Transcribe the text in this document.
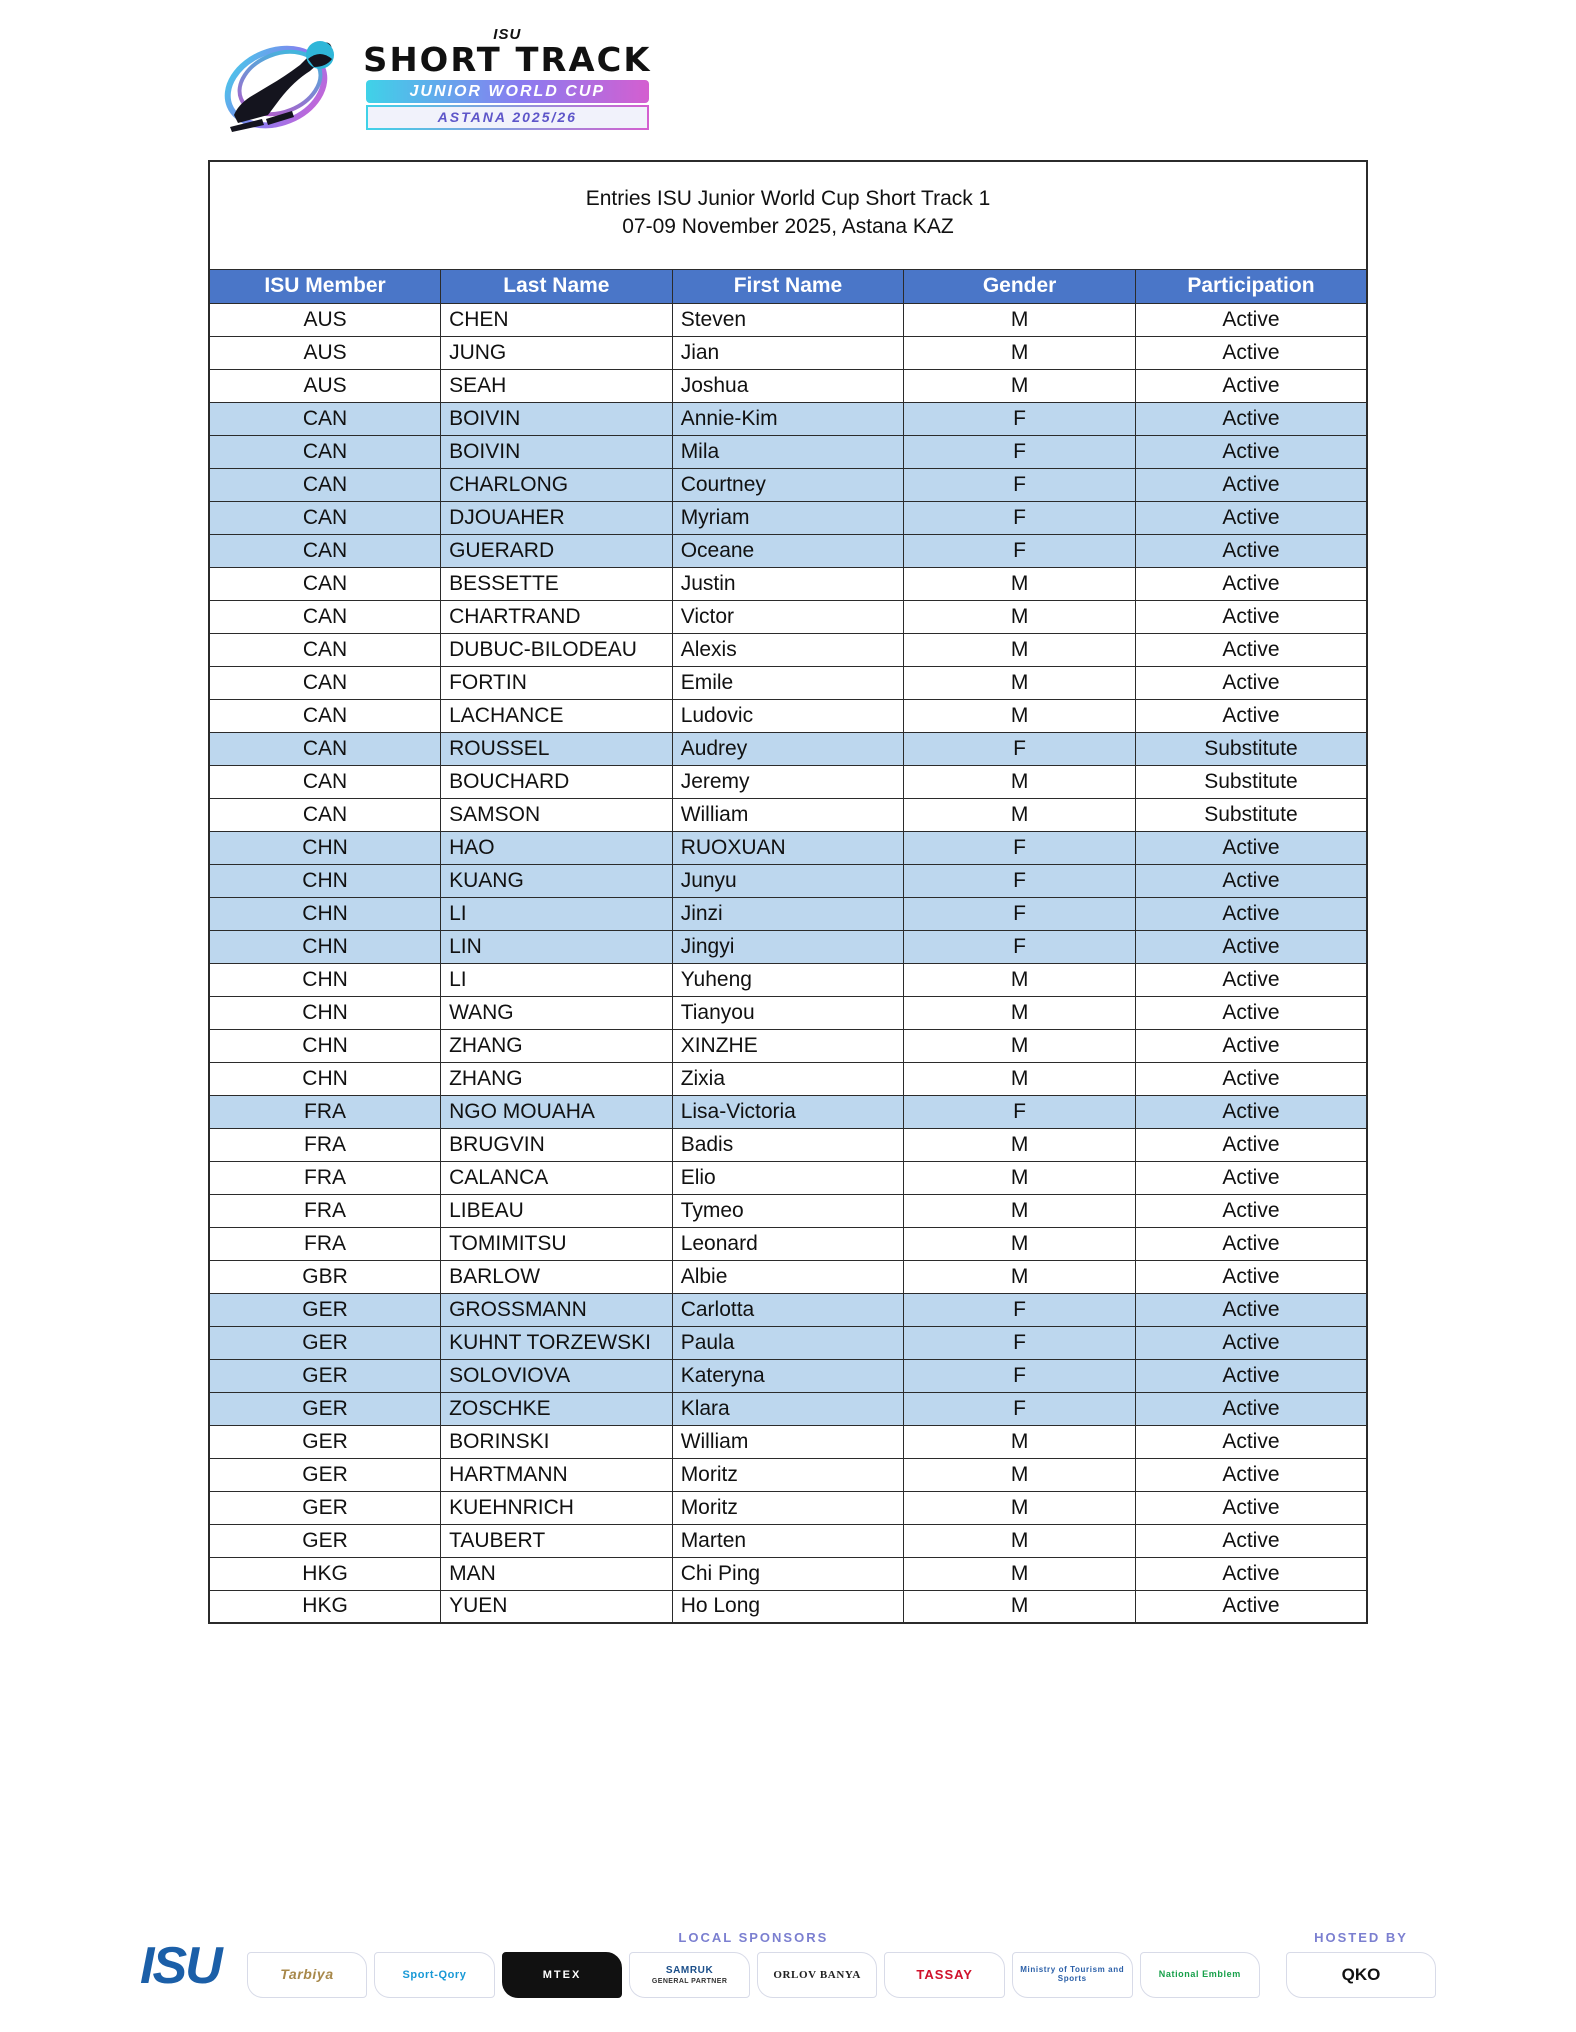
ISU
SHORT TRACK
JUNIOR WORLD CUP
ASTANA 2025/26
Entries ISU Junior World Cup Short Track 1
07-09 November 2025, Astana KAZ				

ISU Member	Last Name	First Name	Gender	Participation
AUS	CHEN	Steven	M	Active
AUS	JUNG	Jian	M	Active
AUS	SEAH	Joshua	M	Active
CAN	BOIVIN	Annie-Kim	F	Active
CAN	BOIVIN	Mila	F	Active
CAN	CHARLONG	Courtney	F	Active
CAN	DJOUAHER	Myriam	F	Active
CAN	GUERARD	Oceane	F	Active
CAN	BESSETTE	Justin	M	Active
CAN	CHARTRAND	Victor	M	Active
CAN	DUBUC-BILODEAU	Alexis	M	Active
CAN	FORTIN	Emile	M	Active
CAN	LACHANCE	Ludovic	M	Active
CAN	ROUSSEL	Audrey	F	Substitute
CAN	BOUCHARD	Jeremy	M	Substitute
CAN	SAMSON	William	M	Substitute
CHN	HAO	RUOXUAN	F	Active
CHN	KUANG	Junyu	F	Active
CHN	LI	Jinzi	F	Active
CHN	LIN	Jingyi	F	Active
CHN	LI	Yuheng	M	Active
CHN	WANG	Tianyou	M	Active
CHN	ZHANG	XINZHE	M	Active
CHN	ZHANG	Zixia	M	Active
FRA	NGO MOUAHA	Lisa-Victoria	F	Active
FRA	BRUGVIN	Badis	M	Active
FRA	CALANCA	Elio	M	Active
FRA	LIBEAU	Tymeo	M	Active
FRA	TOMIMITSU	Leonard	M	Active
GBR	BARLOW	Albie	M	Active
GER	GROSSMANN	Carlotta	F	Active
GER	KUHNT TORZEWSKI	Paula	F	Active
GER	SOLOVIOVA	Kateryna	F	Active
GER	ZOSCHKE	Klara	F	Active
GER	BORINSKI	William	M	Active
GER	HARTMANN	Moritz	M	Active
GER	KUEHNRICH	Moritz	M	Active
GER	TAUBERT	Marten	M	Active
HKG	MAN	Chi Ping	M	Active
HKG	YUEN	Ho Long	M	Active
ISU	LOCAL SPONSORS
Tarbiya	Sport-Qory	MTEX	SAMRUK
GENERAL PARTNER
ORLOV BANYA	TASSAY	Ministry of Tourism and Sports	National Emblem
HOSTED BY
QKO
